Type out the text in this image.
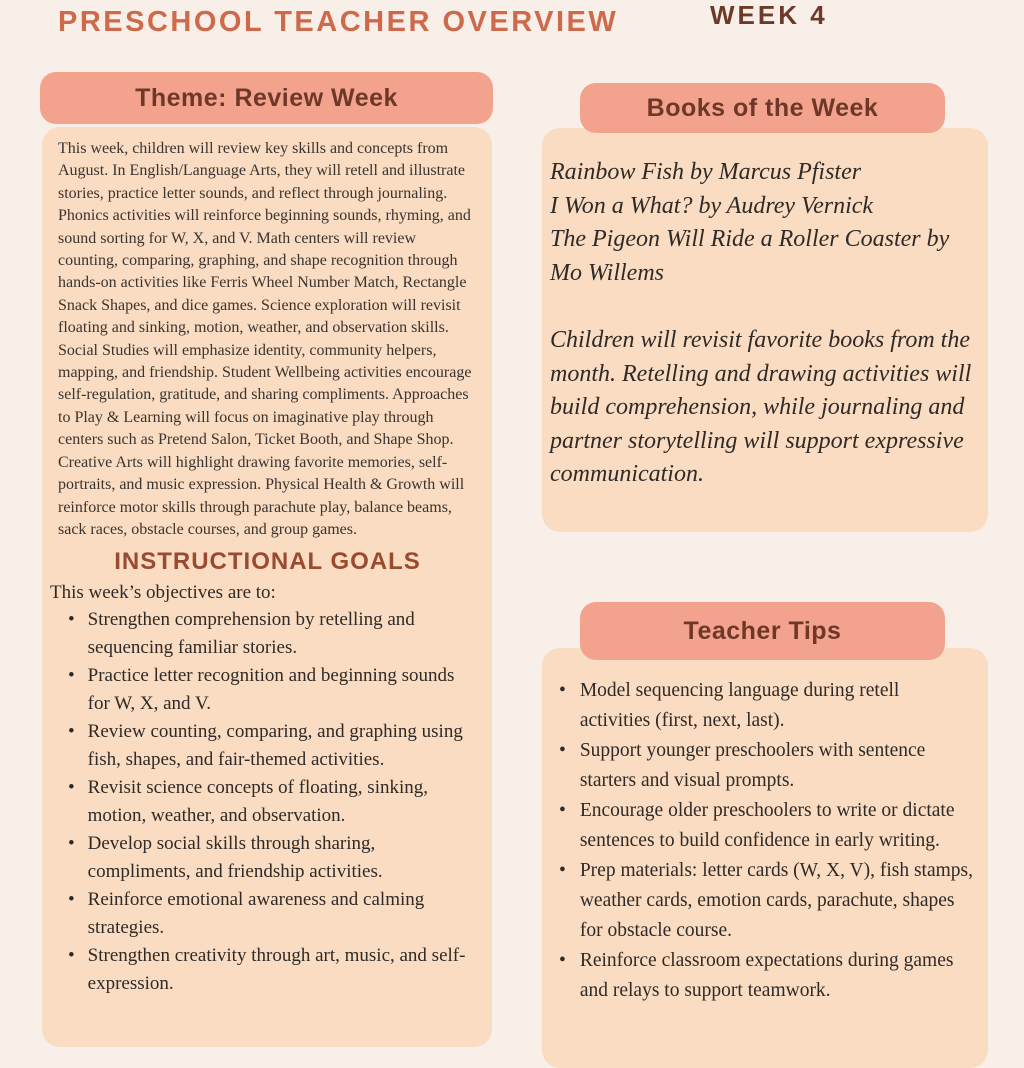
PRESCHOOL TEACHER OVERVIEW	WEEK 4
Theme: Review Week

This week, children will review key skills and concepts from August. In English/Language Arts, they will retell and illustrate stories, practice letter sounds, and reflect through journaling. Phonics activities will reinforce beginning sounds, rhyming, and sound sorting for W, X, and V. Math centers will review counting, comparing, graphing, and shape recognition through hands-on activities like Ferris Wheel Number Match, Rectangle Snack Shapes, and dice games. Science exploration will revisit floating and sinking, motion, weather, and observation skills. Social Studies will emphasize identity, community helpers, mapping, and friendship. Student Wellbeing activities encourage self-regulation, gratitude, and sharing compliments. Approaches to Play & Learning will focus on imaginative play through centers such as Pretend Salon, Ticket Booth, and Shape Shop. Creative Arts will highlight drawing favorite memories, self-portraits, and music expression. Physical Health & Growth will reinforce motor skills through parachute play, balance beams, sack races, obstacle courses, and group games.

INSTRUCTIONAL GOALS

This week’s objectives are to:

• Strengthen comprehension by retelling and sequencing familiar stories.
• Practice letter recognition and beginning sounds for W, X, and V.
• Review counting, comparing, and graphing using fish, shapes, and fair-themed activities.
• Revisit science concepts of floating, sinking, motion, weather, and observation.
• Develop social skills through sharing, compliments, and friendship activities.
• Reinforce emotional awareness and calming strategies.
• Strengthen creativity through art, music, and self-expression.
Books of the Week
Rainbow Fish by Marcus Pfister
I Won a What? by Audrey Vernick
The Pigeon Will Ride a Roller Coaster by Mo Willems
Children will revisit favorite books from the month. Retelling and drawing activities will build comprehension, while journaling and partner storytelling will support expressive communication.
Teacher Tips
• Model sequencing language during retell activities (first, next, last).
• Support younger preschoolers with sentence starters and visual prompts.
• Encourage older preschoolers to write or dictate sentences to build confidence in early writing.
• Prep materials: letter cards (W, X, V), fish stamps, weather cards, emotion cards, parachute, shapes for obstacle course.
• Reinforce classroom expectations during games and relays to support teamwork.
